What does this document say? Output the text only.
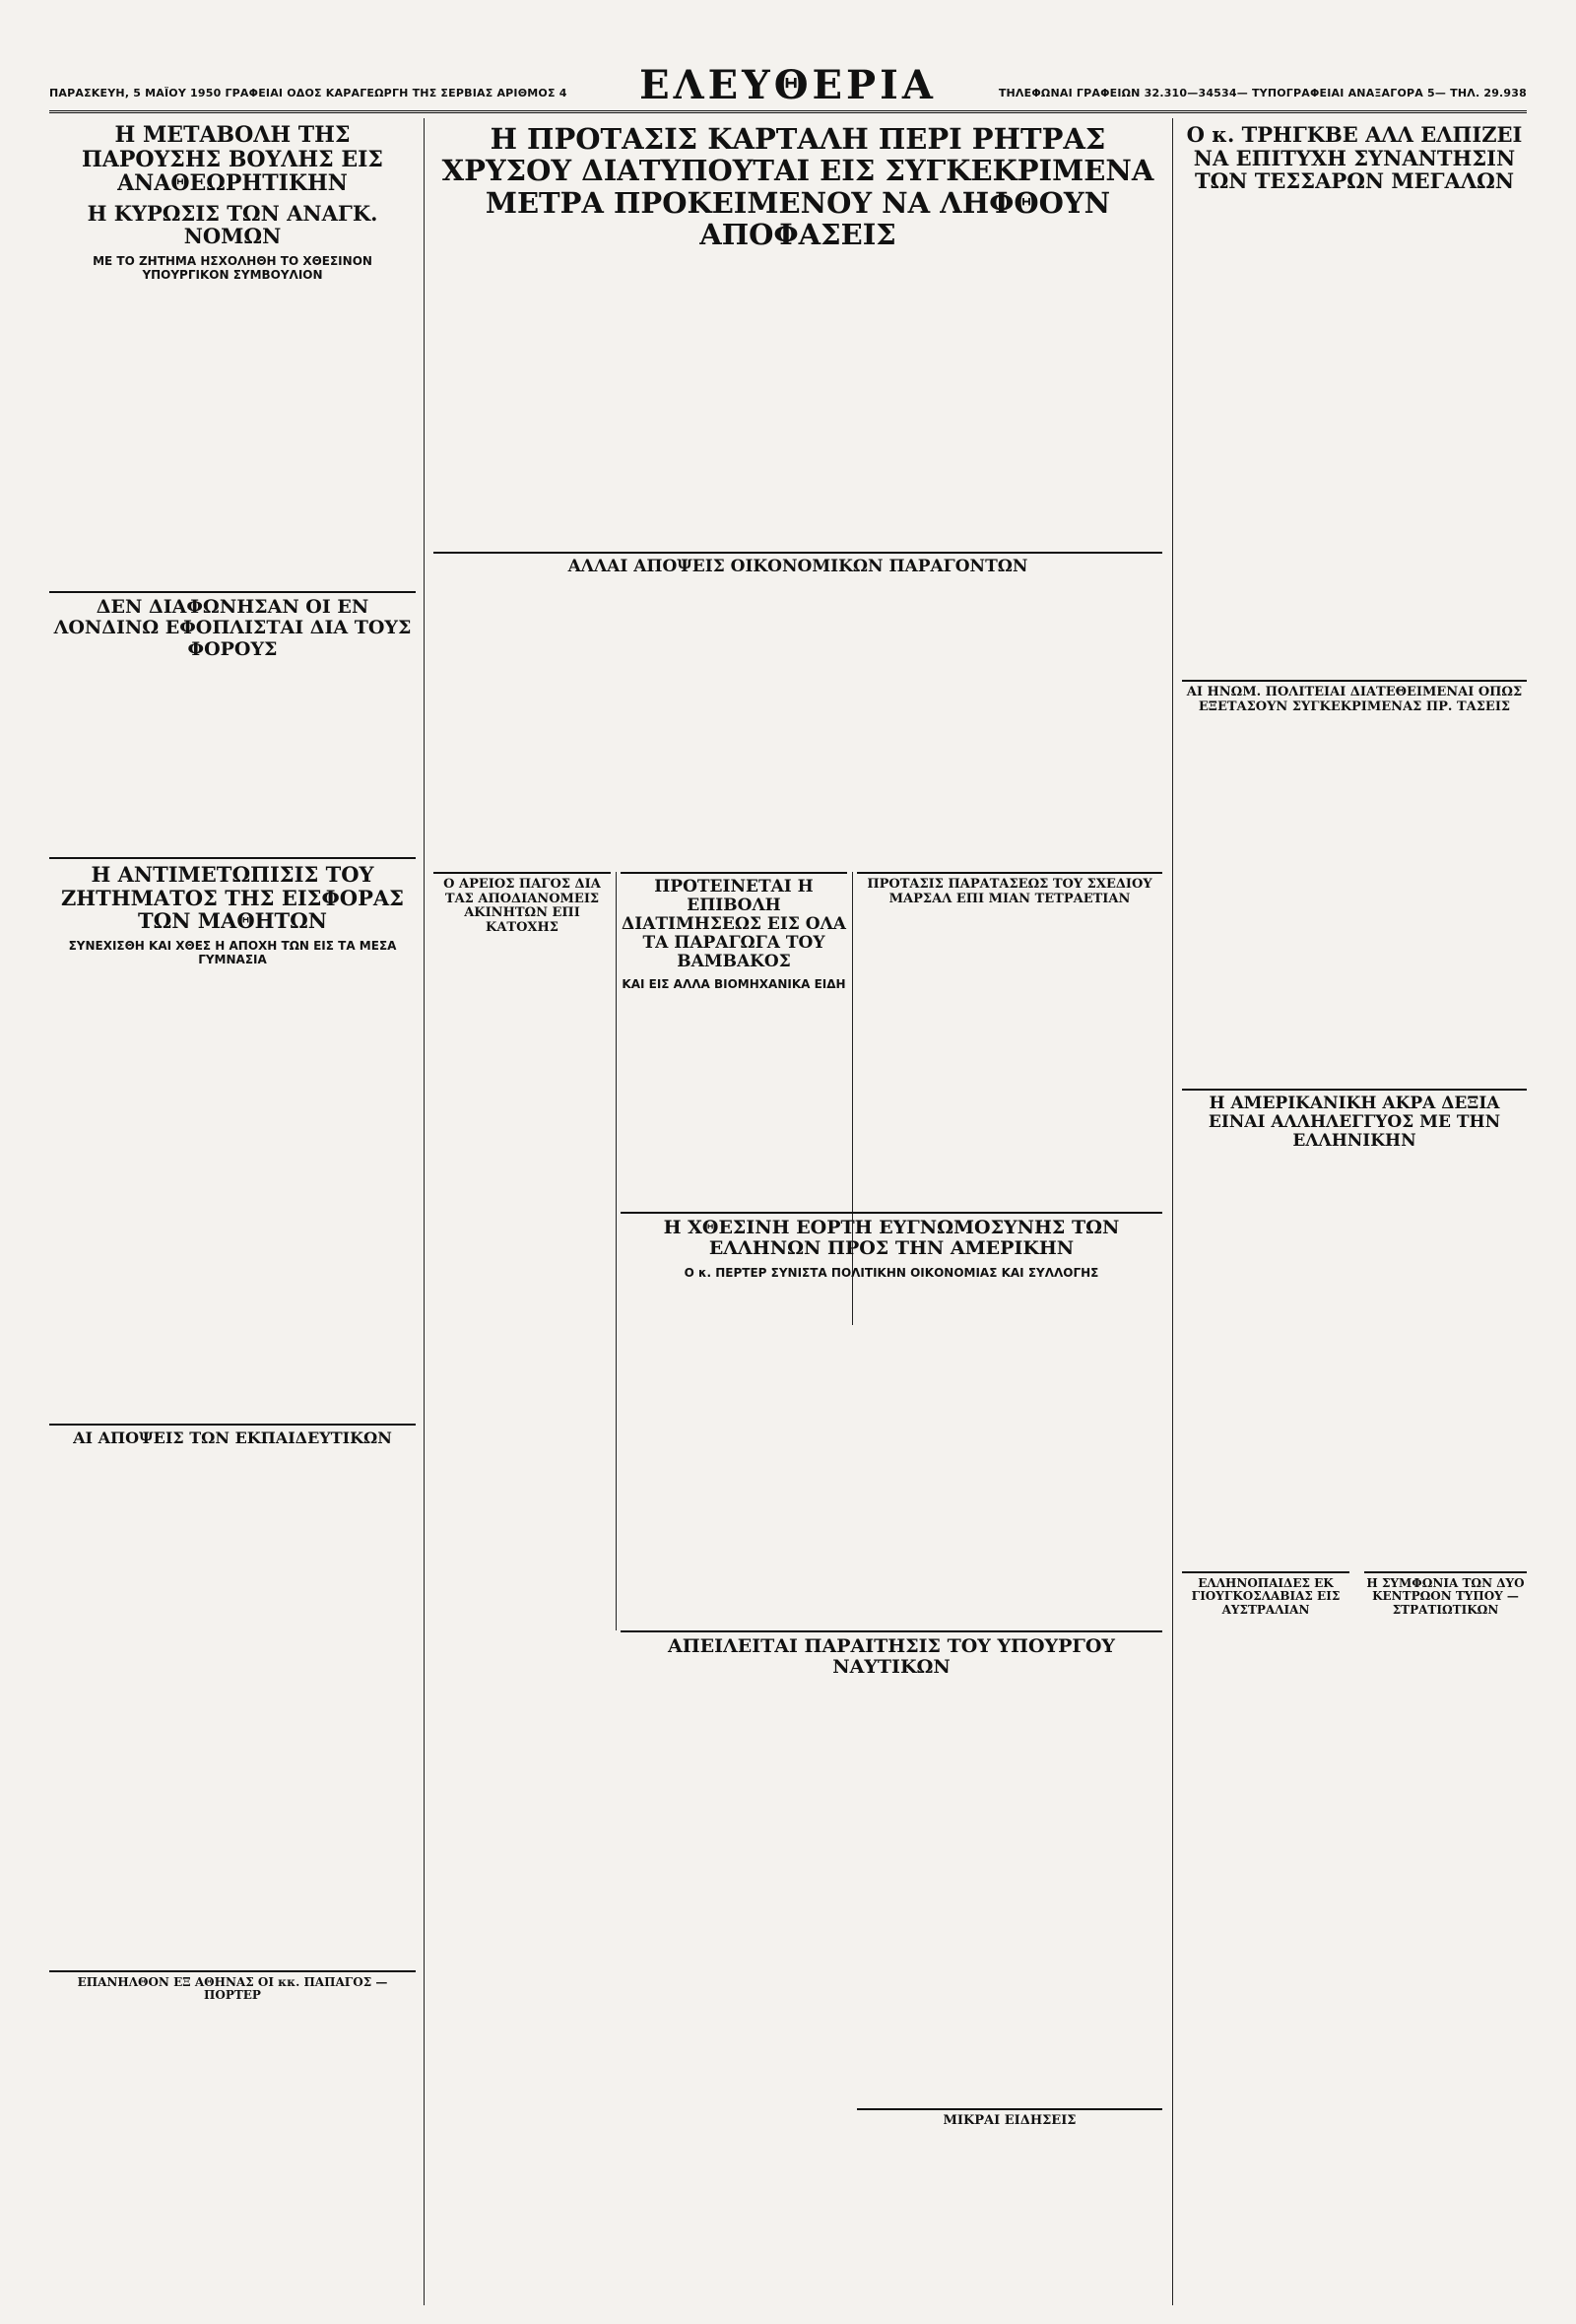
ΠΑΡΑΣΚΕΥΗ, 5 ΜΑΪΟΥ 1950 ΓΡΑΦΕΙΑΙ ΟΔΟΣ ΚΑΡΑΓΕΩΡΓΗ ΤΗΣ ΣΕΡΒΙΑΣ ΑΡΙΘΜΟΣ 4	ΕΛΕΥΘΕΡΙΑ	ΤΗΛΕΦΩΝΑΙ ΓΡΑΦΕΙΩΝ 32.310—34534— ΤΥΠΟΓΡΑΦΕΙΑΙ ΑΝΑΞΑΓΟΡΑ 5— ΤΗΛ. 29.938
Η ΜΕΤΑΒΟΛΗ ΤΗΣ ΠΑΡΟΥΣΗΣ ΒΟΥΛΗΣ ΕΙΣ ΑΝΑΘΕΩΡΗΤΙΚΗΝ
Η ΚΥΡΩΣΙΣ ΤΩΝ ΑΝΑΓΚ. ΝΟΜΩΝ
ΜΕ ΤΟ ΖΗΤΗΜΑ ΗΣΧΟΛΗΘΗ ΤΟ ΧΘΕΣΙΝΟΝ ΥΠΟΥΡΓΙΚΟΝ ΣΥΜΒΟΥΛΙΟΝ
ΔΕΝ ΔΙΑΦΩΝΗΣΑΝ ΟΙ ΕΝ ΛΟΝΔΙΝΩ ΕΦΟΠΛΙΣΤΑΙ ΔΙΑ ΤΟΥΣ ΦΟΡΟΥΣ
Η ΑΝΤΙΜΕΤΩΠΙΣΙΣ ΤΟΥ ΖΗΤΗΜΑΤΟΣ ΤΗΣ ΕΙΣΦΟΡΑΣ ΤΩΝ ΜΑΘΗΤΩΝ
ΣΥΝΕΧΙΣΘΗ ΚΑΙ ΧΘΕΣ Η ΑΠΟΧΗ ΤΩΝ ΕΙΣ ΤΑ ΜΕΣΑ ΓΥΜΝΑΣΙΑ
ΑΙ ΑΠΟΨΕΙΣ ΤΩΝ ΕΚΠΑΙΔΕΥΤΙΚΩΝ
ΕΠΑΝΗΛΘΟΝ ΕΞ ΑΘΗΝΑΣ ΟΙ κκ. ΠΑΠΑΓΟΣ — ΠΟΡΤΕΡ
Η ΠΡΟΤΑΣΙΣ ΚΑΡΤΑΛΗ ΠΕΡΙ ΡΗΤΡΑΣ ΧΡΥΣΟΥ ΔΙΑΤΥΠΟΥΤΑΙ ΕΙΣ ΣΥΓΚΕΚΡΙΜΕΝΑ ΜΕΤΡΑ ΠΡΟΚΕΙΜΕΝΟΥ ΝΑ ΛΗΦΘΟΥΝ ΑΠΟΦΑΣΕΙΣ
ΑΛΛΑΙ ΑΠΟΨΕΙΣ ΟΙΚΟΝΟΜΙΚΩΝ ΠΑΡΑΓΟΝΤΩΝ
Ο ΑΡΕΙΟΣ ΠΑΓΟΣ ΔΙΑ ΤΑΣ ΑΠΟΔΙΑΝΟΜΕΙΣ ΑΚΙΝΗΤΩΝ ΕΠΙ ΚΑΤΟΧΗΣ
ΠΡΟΤΕΙΝΕΤΑΙ Η ΕΠΙΒΟΛΗ ΔΙΑΤΙΜΗΣΕΩΣ ΕΙΣ ΟΛΑ ΤΑ ΠΑΡΑΓΩΓΑ ΤΟΥ ΒΑΜΒΑΚΟΣ
ΚΑΙ ΕΙΣ ΑΛΛΑ ΒΙΟΜΗΧΑΝΙΚΑ ΕΙΔΗ
ΠΡΟΤΑΣΙΣ ΠΑΡΑΤΑΣΕΩΣ ΤΟΥ ΣΧΕΔΙΟΥ ΜΑΡΣΑΛ ΕΠΙ ΜΙΑΝ ΤΕΤΡΑΕΤΙΑΝ
Η ΧΘΕΣΙΝΗ ΕΟΡΤΗ ΕΥΓΝΩΜΟΣΥΝΗΣ ΤΩΝ ΕΛΛΗΝΩΝ ΠΡΟΣ ΤΗΝ ΑΜΕΡΙΚΗΝ
Ο κ. ΠΕΡΤΕΡ ΣΥΝΙΣΤΑ ΠΟΛΙΤΙΚΗΝ ΟΙΚΟΝΟΜΙΑΣ ΚΑΙ ΣΥΛΛΟΓΗΣ
ΑΠΕΙΛΕΙΤΑΙ ΠΑΡΑΙΤΗΣΙΣ ΤΟΥ ΥΠΟΥΡΓΟΥ ΝΑΥΤΙΚΩΝ
ΜΙΚΡΑΙ ΕΙΔΗΣΕΙΣ
Ο κ. ΤΡΗΓΚΒΕ ΑΛΛ ΕΛΠΙΖΕΙ ΝΑ ΕΠΙΤΥΧΗ ΣΥΝΑΝΤΗΣΙΝ ΤΩΝ ΤΕΣΣΑΡΩΝ ΜΕΓΑΛΩΝ
ΑΙ ΗΝΩΜ. ΠΟΛΙΤΕΙΑΙ ΔΙΑΤΕΘΕΙΜΕΝΑΙ ΟΠΩΣ ΕΞΕΤΑΣΟΥΝ ΣΥΓΚΕΚΡΙΜΕΝΑΣ ΠΡ. ΤΑΣΕΙΣ
Η ΑΜΕΡΙΚΑΝΙΚΗ ΑΚΡΑ ΔΕΞΙΑ ΕΙΝΑΙ ΑΛΛΗΛΕΓΓΥΟΣ ΜΕ ΤΗΝ ΕΛΛΗΝΙΚΗΝ
ΕΛΛΗΝΟΠΑΙΔΕΣ ΕΚ ΓΙΟΥΓΚΟΣΛΑΒΙΑΣ ΕΙΣ ΑΥΣΤΡΑΛΙΑΝ
Η ΣΥΜΦΩΝΙΑ ΤΩΝ ΔΥΟ ΚΕΝΤΡΩΟΝ ΤΥΠΟΥ — ΣΤΡΑΤΙΩΤΙΚΩΝ
